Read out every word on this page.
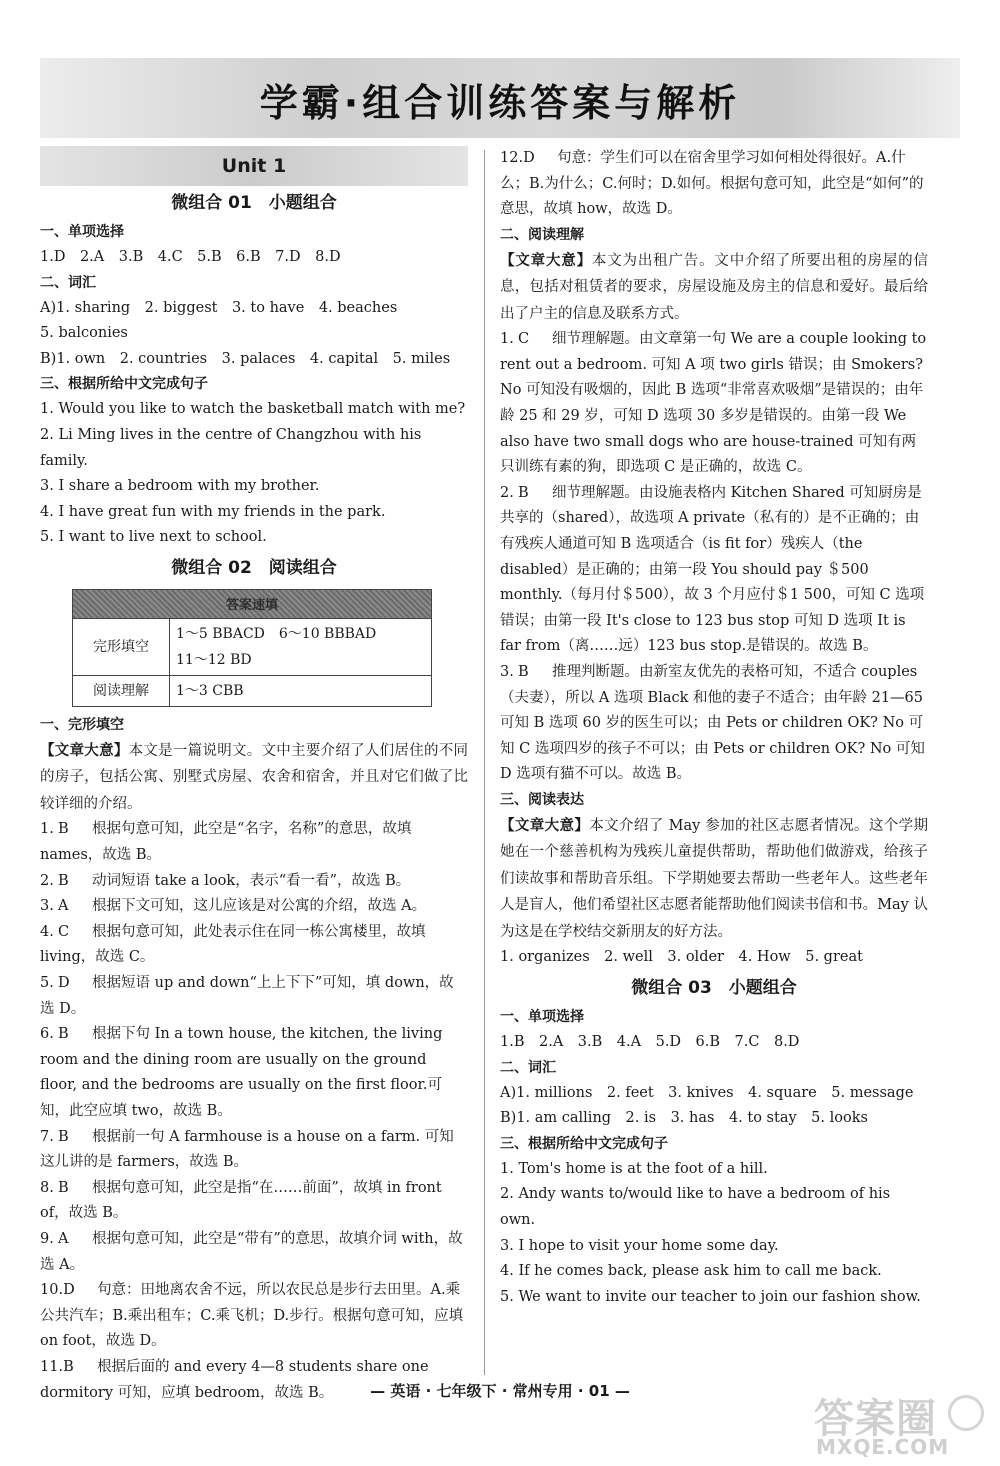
学霸·组合训练答案与解析
Unit 1
微组合 01　小题组合
一、单项选择
1.D　2.A　3.B　4.C　5.B　6.B　7.D　8.D
二、词汇
A)1. sharing　2. biggest　3. to have　4. beaches
5. balconies
B)1. own　2. countries　3. palaces　4. capital　5. miles
三、根据所给中文完成句子
1. Would you like to watch the basketball match with me?
2. Li Ming lives in the centre of Changzhou with his family.
3. I share a bedroom with my brother.
4. I have great fun with my friends in the park.
5. I want to live next to school.
微组合 02　阅读组合
答案速填	
完形填空	1～5 BBACD　6～10 BBBAD
11～12 BD

阅读理解	1～3 CBB
一、完形填空
【文章大意】本文是一篇说明文。文中主要介绍了人们居住的不同的房子，包括公寓、别墅式房屋、农舍和宿舍，并且对它们做了比较详细的介绍。
1. B 根据句意可知，此空是“名字，名称”的意思，故填 names，故选 B。
2. B 动词短语 take a look，表示“看一看”，故选 B。
3. A 根据下文可知，这儿应该是对公寓的介绍，故选 A。
4. C 根据句意可知，此处表示住在同一栋公寓楼里，故填 living，故选 C。
5. D 根据短语 up and down“上上下下”可知，填 down，故选 D。
6. B 根据下句 In a town house, the kitchen, the living room and the dining room are usually on the ground floor, and the bedrooms are usually on the first floor.可知，此空应填 two，故选 B。
7. B 根据前一句 A farmhouse is a house on a farm. 可知这儿讲的是 farmers，故选 B。
8. B 根据句意可知，此空是指“在……前面”，故填 in front of，故选 B。
9. A 根据句意可知，此空是“带有”的意思，故填介词 with，故选 A。
10.D 句意：田地离农舍不远，所以农民总是步行去田里。A.乘公共汽车；B.乘出租车；C.乘飞机；D.步行。根据句意可知，应填 on foot，故选 D。
11.B 根据后面的 and every 4—8 students share one dormitory 可知，应填 bedroom，故选 B。
12.D 句意：学生们可以在宿舍里学习如何相处得很好。A.什么；B.为什么；C.何时；D.如何。根据句意可知，此空是“如何”的意思，故填 how，故选 D。
二、阅读理解
【文章大意】本文为出租广告。文中介绍了所要出租的房屋的信息，包括对租赁者的要求，房屋设施及房主的信息和爱好。最后给出了户主的信息及联系方式。
1. C 细节理解题。由文章第一句 We are a couple looking to rent out a bedroom. 可知 A 项 two girls 错误；由 Smokers? No 可知没有吸烟的，因此 B 选项“非常喜欢吸烟”是错误的；由年龄 25 和 29 岁，可知 D 选项 30 多岁是错误的。由第一段 We also have two small dogs who are house-trained 可知有两只训练有素的狗，即选项 C 是正确的，故选 C。
2. B 细节理解题。由设施表格内 Kitchen Shared 可知厨房是共享的（shared），故选项 A private（私有的）是不正确的；由有残疾人通道可知 B 选项适合（is fit for）残疾人（the disabled）是正确的；由第一段 You should pay ＄500 monthly.（每月付＄500），故 3 个月应付＄1 500，可知 C 选项错误；由第一段 It's close to 123 bus stop 可知 D 选项 It is far from（离……远）123 bus stop.是错误的。故选 B。
3. B 推理判断题。由新室友优先的表格可知，不适合 couples（夫妻），所以 A 选项 Black 和他的妻子不适合；由年龄 21—65 可知 B 选项 60 岁的医生可以；由 Pets or children OK? No 可知 C 选项四岁的孩子不可以；由 Pets or children OK? No 可知 D 选项有猫不可以。故选 B。
三、阅读表达
【文章大意】本文介绍了 May 参加的社区志愿者情况。这个学期她在一个慈善机构为残疾儿童提供帮助，帮助他们做游戏，给孩子们读故事和帮助音乐组。下学期她要去帮助一些老年人。这些老年人是盲人，他们希望社区志愿者能帮助他们阅读书信和书。May 认为这是在学校结交新朋友的好方法。
1. organizes　2. well　3. older　4. How　5. great
微组合 03　小题组合
一、单项选择
1.B　2.A　3.B　4.A　5.D　6.B　7.C　8.D
二、词汇
A)1. millions　2. feet　3. knives　4. square　5. message
B)1. am calling　2. is　3. has　4. to stay　5. looks
三、根据所给中文完成句子
1. Tom's home is at the foot of a hill.
2. Andy wants to/would like to have a bedroom of his own.
3. I hope to visit your home some day.
4. If he comes back, please ask him to call me back.
5. We want to invite our teacher to join our fashion show.
— 英语 · 七年级下 · 常州专用 · 01 —
答案圈
MXQE.COM
